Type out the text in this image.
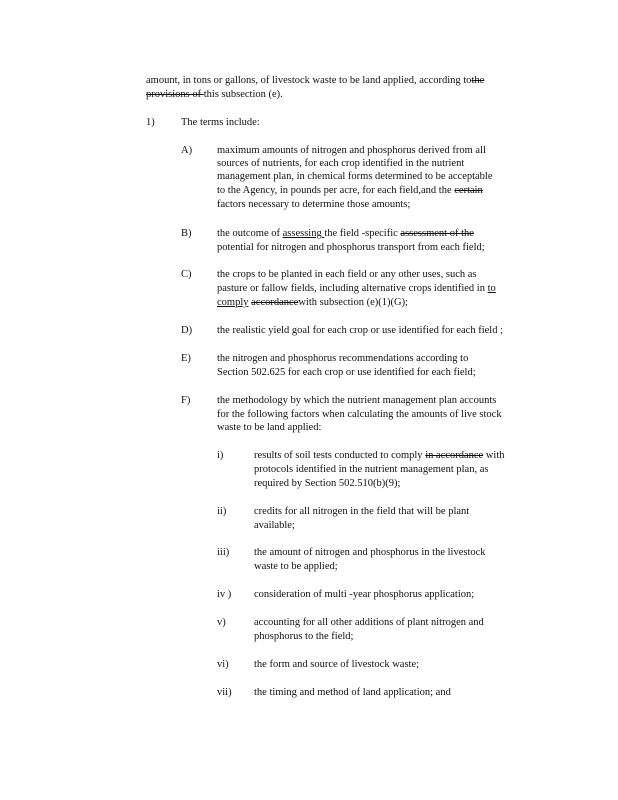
amount, in tons or gallons, of livestock waste to be land applied, according tothe
provisions of this subsection (e).
1)	The terms include:
A) maximum amounts of nitrogen and phosphorus derived from all
sources of nutrients, for each crop identified in the nutrient
management plan, in chemical forms determined to be acceptable
to the Agency, in pounds per acre, for each field,and the certain
factors necessary to determine those amounts;
B) the outcome of assessing the field -specific assessment of the
potential for nitrogen and phosphorus transport from each field;
C) the crops to be planted in each field or any other uses, such as
pasture or fallow fields, including alternative crops identified in to
comply accordancewith subsection (e)(1)(G);
D) the realistic yield goal for each crop or use identified for each field ;
E) the nitrogen and phosphorus recommendations according to
Section 502.625 for each crop or use identified for each field;
F)	the methodology by which the nutrient management plan accounts
for the following factors when calculating the amounts of live stock
waste to be land applied:
i)	results of soil tests conducted to comply in accordance with
protocols identified in the nutrient management plan, as
required by Section 502.510(b)(9);
ii)	credits for all nitrogen in the field that will be plant
available;
iii) the amount of nitrogen and phosphorus in the livestock
waste to be applied;
iv ) consideration of multi -year phosphorus application;
v)	accounting for all other additions of plant nitrogen and
phosphorus to the field;
vi) the form and source of livestock waste;
vii) the timing and method of land application; and
